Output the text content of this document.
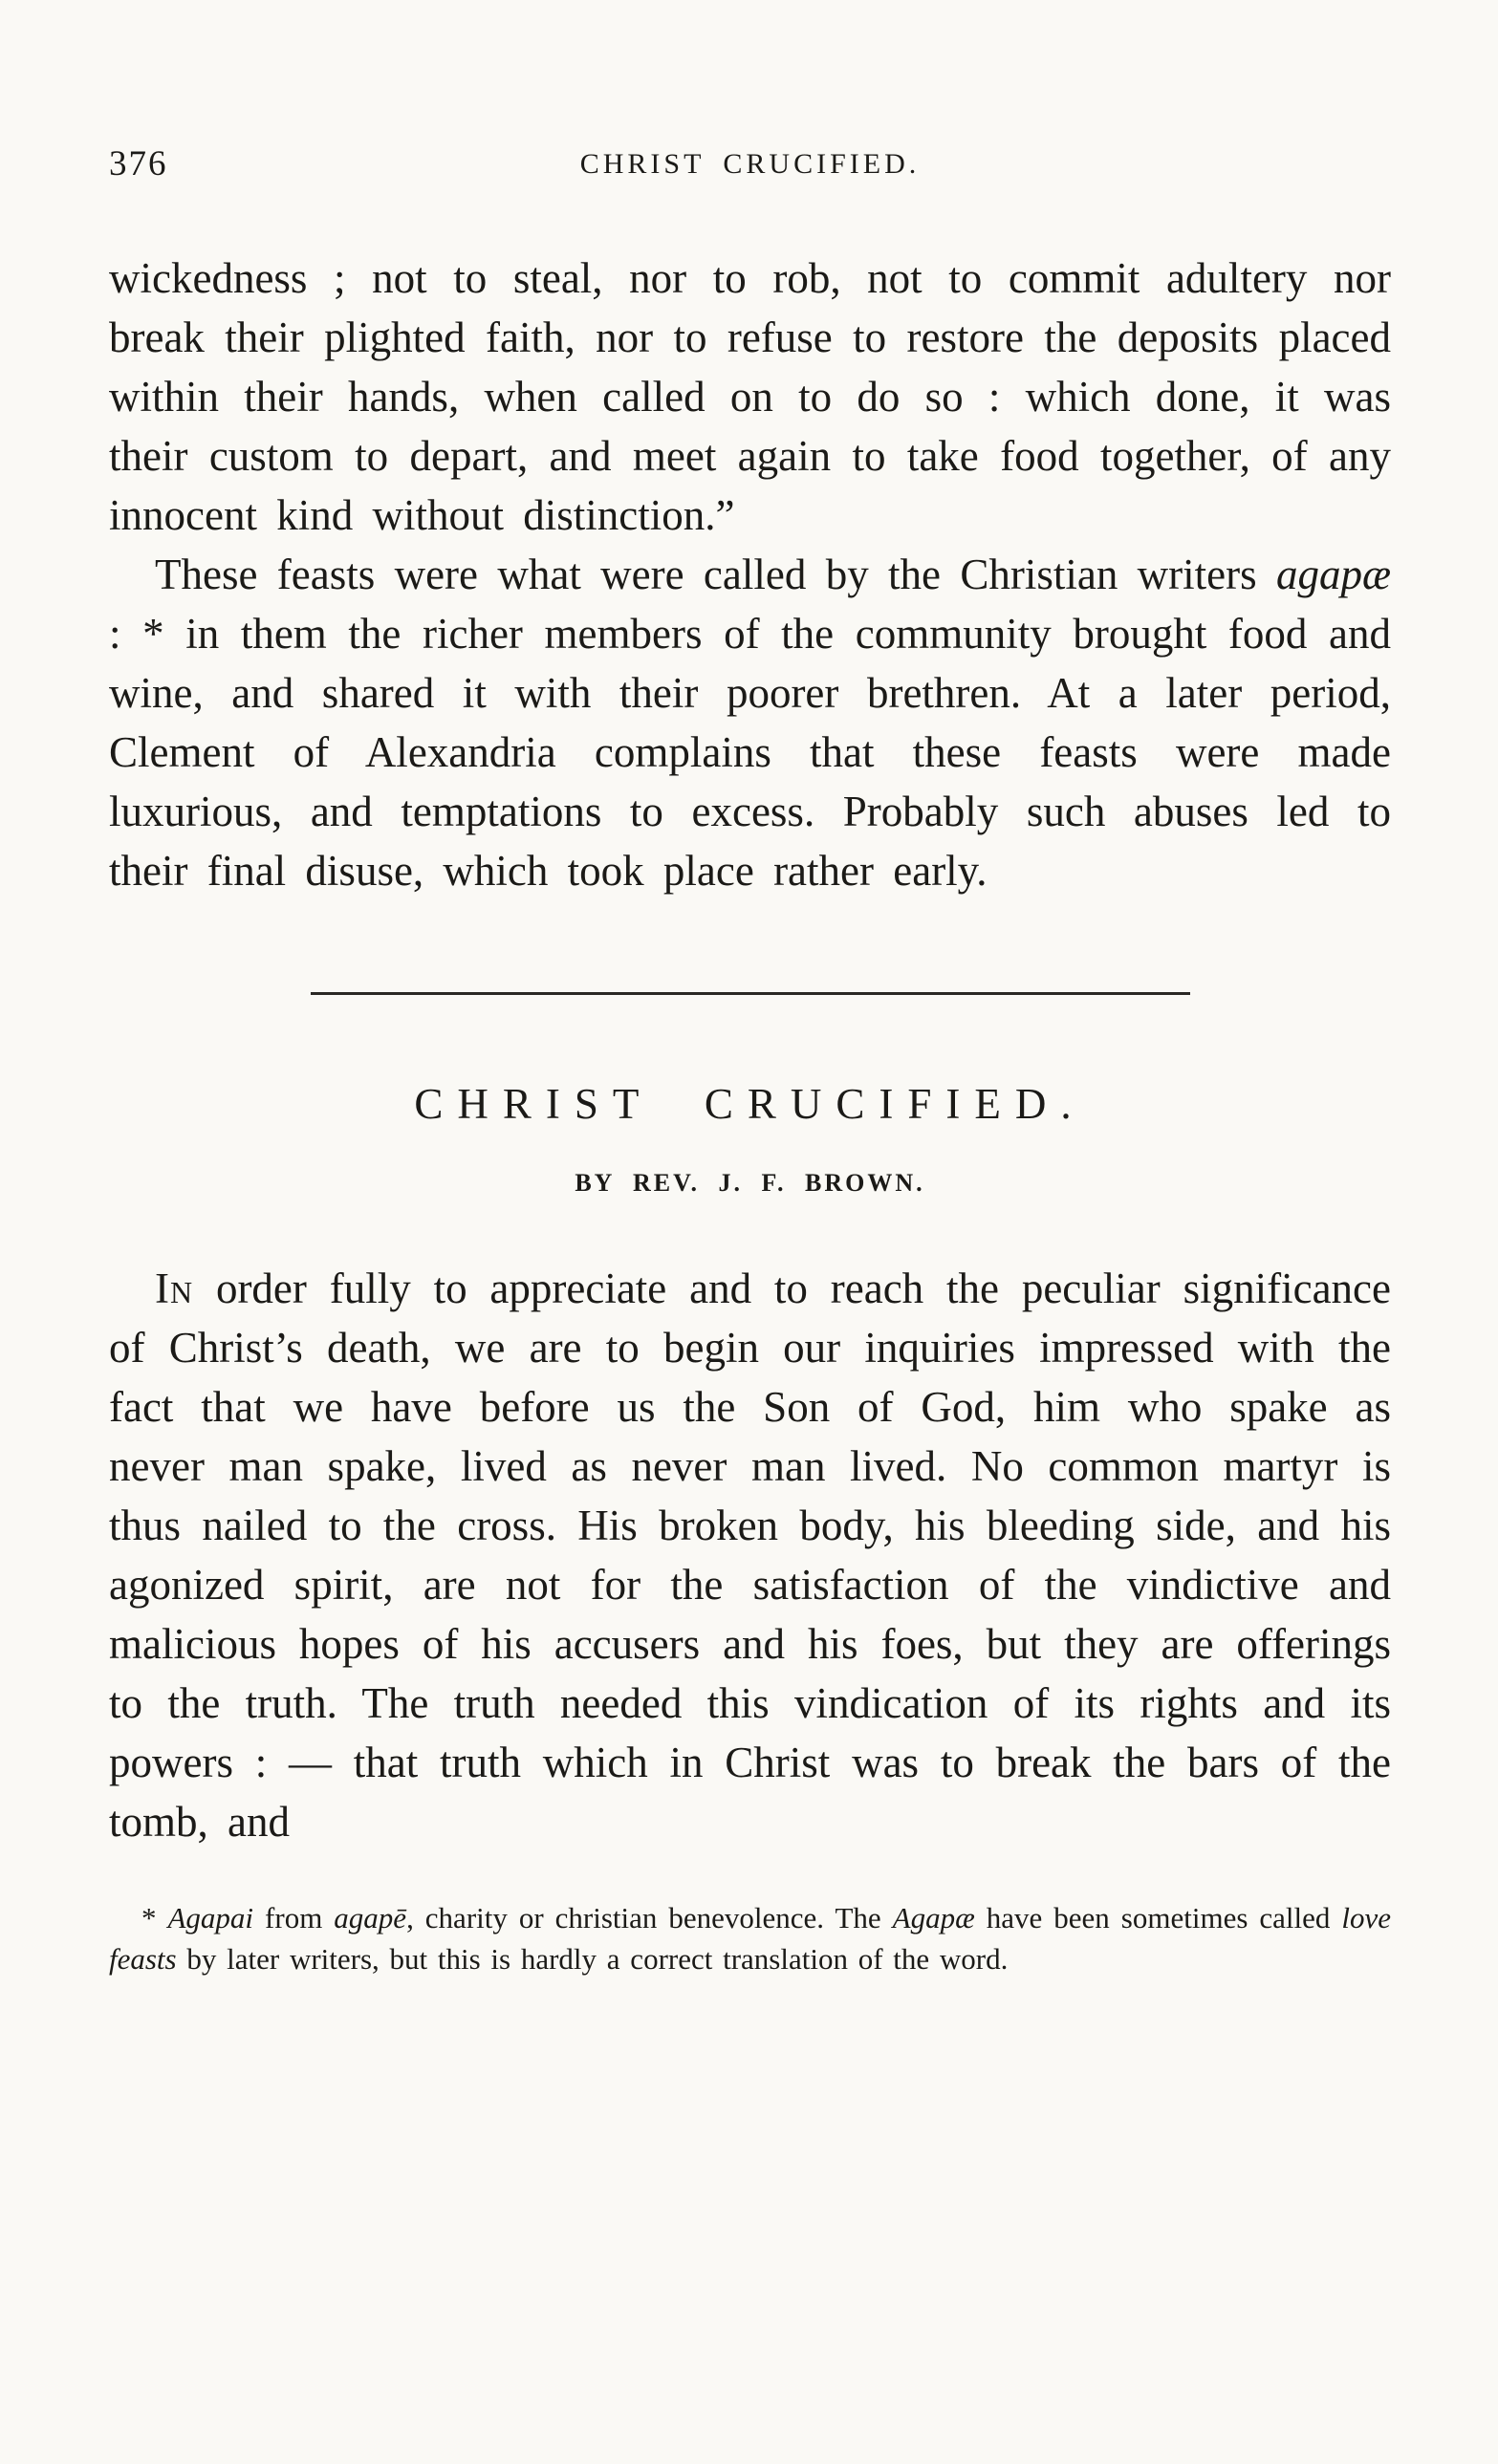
376	CHRIST CRUCIFIED.

wickedness ; not to steal, nor to rob, not to commit adultery nor break their plighted faith, nor to refuse to restore the deposits placed within their hands, when called on to do so : which done, it was their custom to depart, and meet again to take food together, of any innocent kind without distinction.”

These feasts were what were called by the Christian writers agapæ : * in them the richer members of the community brought food and wine, and shared it with their poorer brethren. At a later period, Clement of Alexandria complains that these feasts were made luxurious, and temptations to excess. Probably such abuses led to their final disuse, which took place rather early.

CHRIST CRUCIFIED.
BY REV. J. F. BROWN.

In order fully to appreciate and to reach the peculiar significance of Christ’s death, we are to begin our inquiries impressed with the fact that we have before us the Son of God, him who spake as never man spake, lived as never man lived. No common martyr is thus nailed to the cross. His broken body, his bleeding side, and his agonized spirit, are not for the satisfaction of the vindictive and malicious hopes of his accusers and his foes, but they are offerings to the truth. The truth needed this vindication of its rights and its powers : — that truth which in Christ was to break the bars of the tomb, and

* Agapai from agapē, charity or christian benevolence. The Agapæ have been sometimes called love feasts by later writers, but this is hardly a correct translation of the word.
